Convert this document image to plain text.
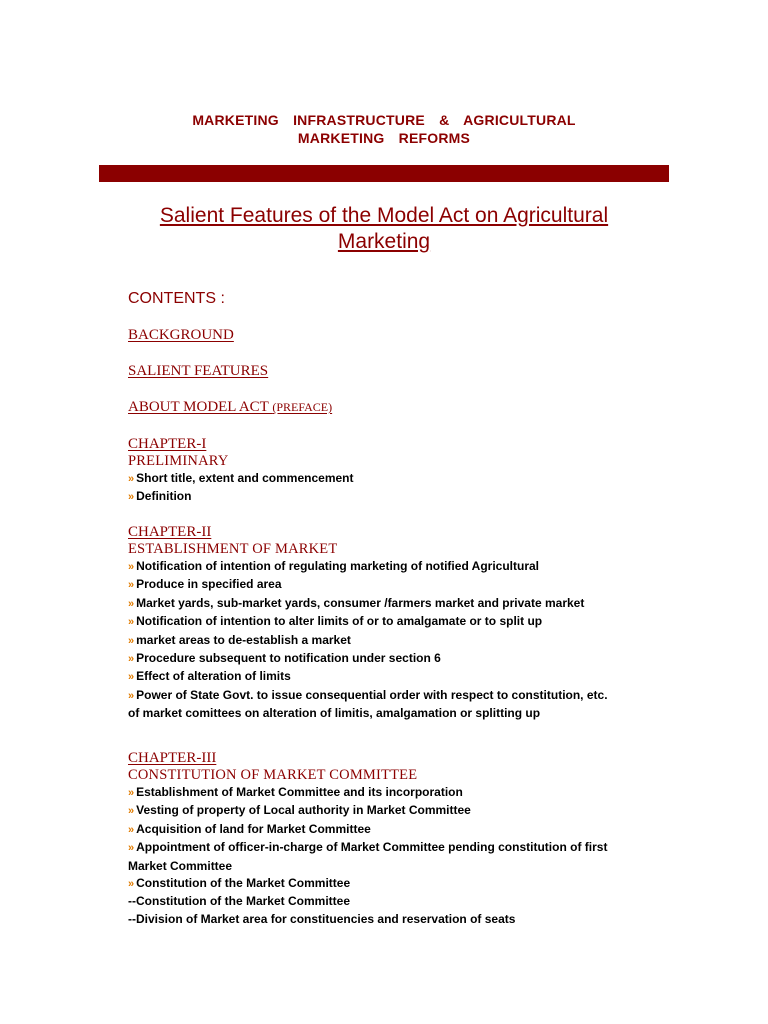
MARKETING  INFRASTRUCTURE  &  AGRICULTURAL
MARKETING  REFORMS
Salient Features of the Model Act on Agricultural
Marketing
CONTENTS :
BACKGROUND
SALIENT FEATURES
ABOUT MODEL ACT (PREFACE)
CHAPTER-I
PRELIMINARY
» Short title, extent and commencement
» Definition
CHAPTER-II
ESTABLISHMENT OF MARKET
» Notification of intention of regulating marketing of notified Agricultural
» Produce in specified area
» Market yards, sub-market yards, consumer /farmers market and private market
» Notification of intention to alter limits of or to amalgamate or to split up
» market areas to de-establish a market
» Procedure subsequent to notification under section 6
» Effect of alteration of limits
» Power of State Govt. to issue consequential order with respect to constitution, etc.
of market comittees on alteration of limitis, amalgamation or splitting up
CHAPTER-III
CONSTITUTION OF MARKET COMMITTEE
» Establishment of Market Committee and its incorporation
» Vesting of property of Local authority in Market Committee
» Acquisition of land for Market Committee
» Appointment of officer-in-charge of Market Committee pending constitution of first
Market Committee
» Constitution of the Market Committee
--Constitution of the Market Committee
--Division of Market area for constituencies and reservation of seats
